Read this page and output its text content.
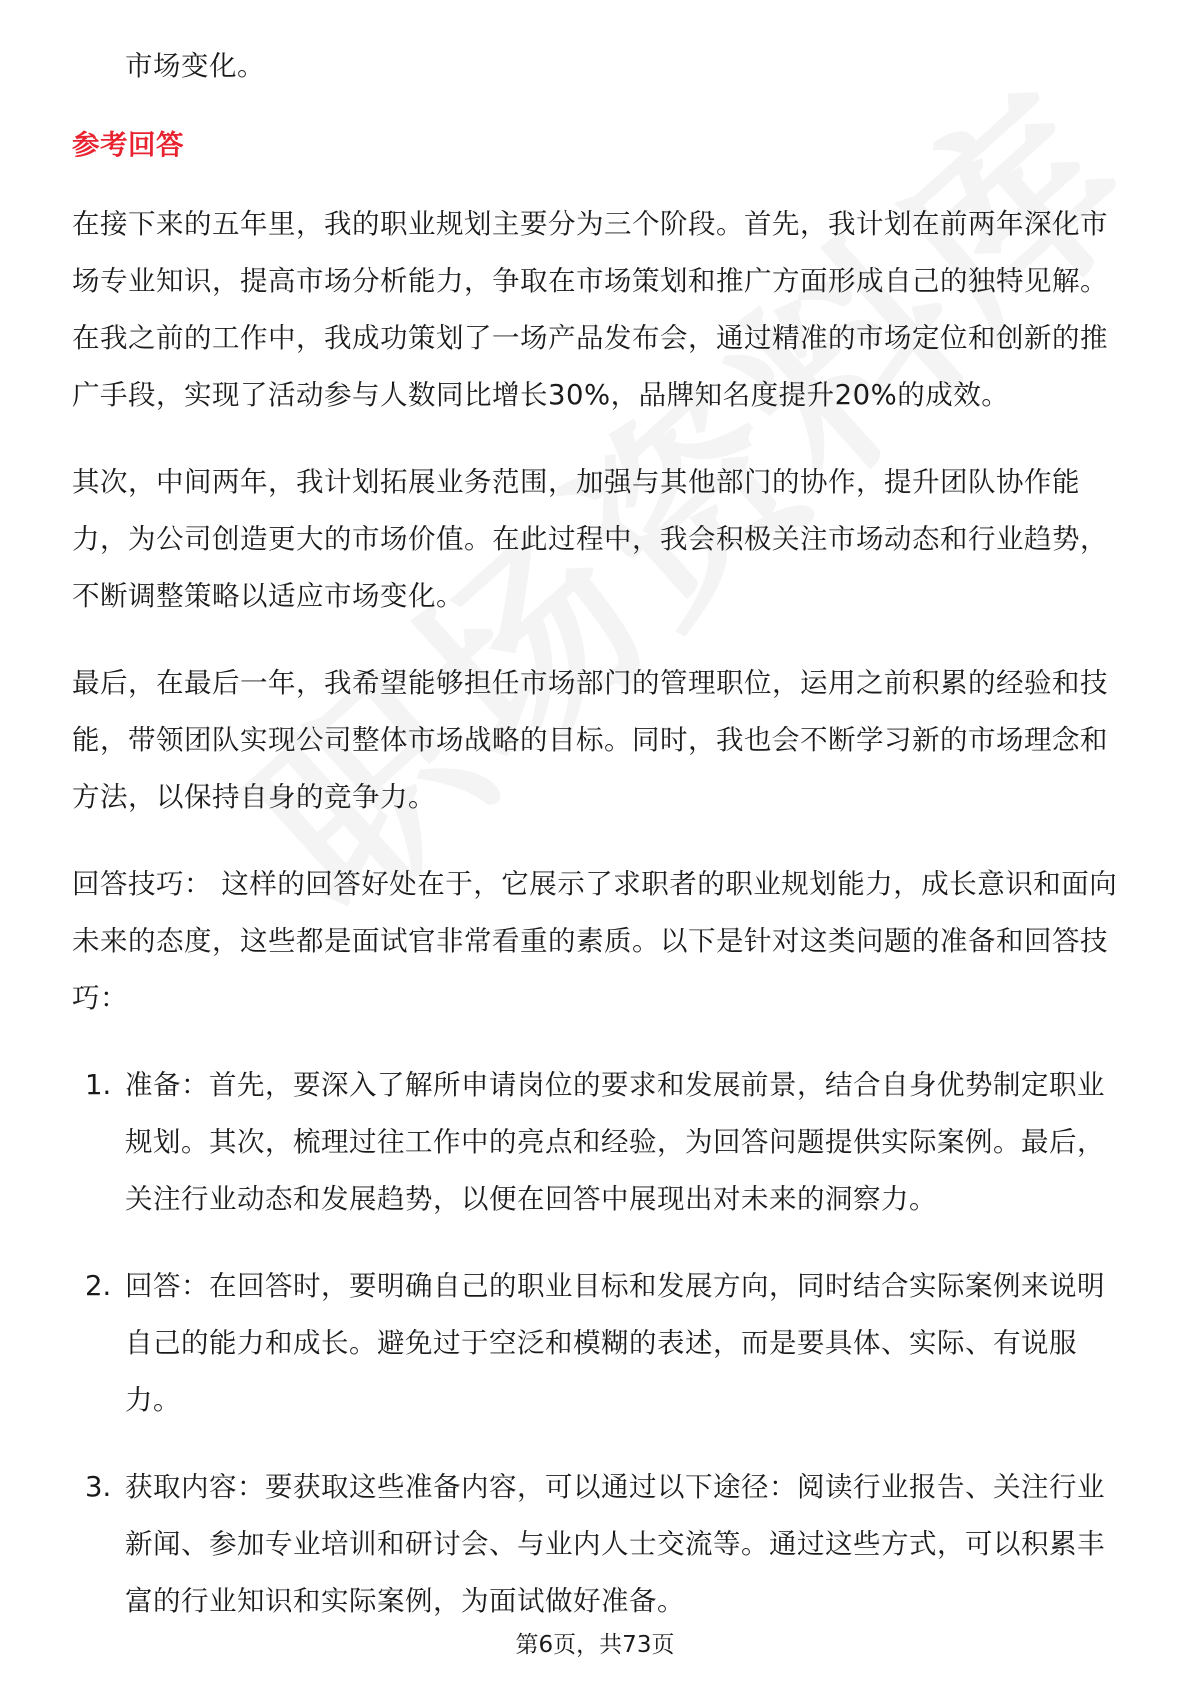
市场变化。

参考回答

在接下来的五年里，我的职业规划主要分为三个阶段。首先，我计划在前两年深化市场专业知识，提高市场分析能力，争取在市场策划和推广方面形成自己的独特见解。在我之前的工作中，我成功策划了一场产品发布会，通过精准的市场定位和创新的推广手段，实现了活动参与人数同比增长30%，品牌知名度提升20%的成效。

其次，中间两年，我计划拓展业务范围，加强与其他部门的协作，提升团队协作能力，为公司创造更大的市场价值。在此过程中，我会积极关注市场动态和行业趋势，不断调整策略以适应市场变化。

最后，在最后一年，我希望能够担任市场部门的管理职位，运用之前积累的经验和技能，带领团队实现公司整体市场战略的目标。同时，我也会不断学习新的市场理念和方法，以保持自身的竞争力。

回答技巧： 这样的回答好处在于，它展示了求职者的职业规划能力，成长意识和面向未来的态度，这些都是面试官非常看重的素质。以下是针对这类问题的准备和回答技巧：

1. 准备：首先，要深入了解所申请岗位的要求和发展前景，结合自身优势制定职业规划。其次，梳理过往工作中的亮点和经验，为回答问题提供实际案例。最后，关注行业动态和发展趋势，以便在回答中展现出对未来的洞察力。

2. 回答：在回答时，要明确自己的职业目标和发展方向，同时结合实际案例来说明自己的能力和成长。避免过于空泛和模糊的表述，而是要具体、实际、有说服力。

3. 获取内容：要获取这些准备内容，可以通过以下途径：阅读行业报告、关注行业新闻、参加专业培训和研讨会、与业内人士交流等。通过这些方式，可以积累丰富的行业知识和实际案例，为面试做好准备。

第6页，共73页
